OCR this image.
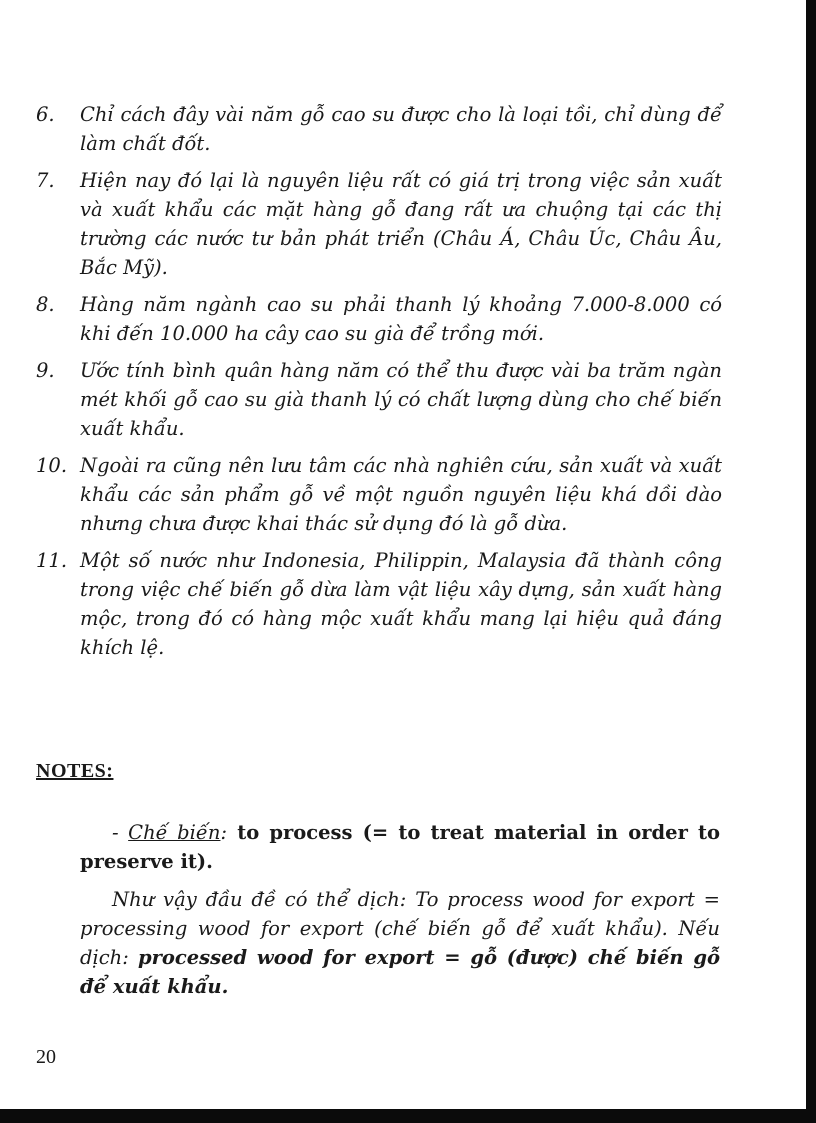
6.	Chỉ cách đây vài năm gỗ cao su được cho là loại tồi, chỉ dùng để làm chất đốt.
7.	Hiện nay đó lại là nguyên liệu rất có giá trị trong việc sản xuất và xuất khẩu các mặt hàng gỗ đang rất ưa chuộng tại các thị trường các nước tư bản phát triển (Châu Á, Châu Úc, Châu Âu, Bắc Mỹ).
8.	Hàng năm ngành cao su phải thanh lý khoảng 7.000-8.000 có khi đến 10.000 ha cây cao su già để trồng mới.
9.	Ước tính bình quân hàng năm có thể thu được vài ba trăm ngàn mét khối gỗ cao su già thanh lý có chất lượng dùng cho chế biến xuất khẩu.
10. Ngoài ra cũng nên lưu tâm các nhà nghiên cứu, sản xuất và xuất khẩu các sản phẩm gỗ về một nguồn nguyên liệu khá dồi dào nhưng chưa được khai thác sử dụng đó là gỗ dừa.
11. Một số nước như Indonesia, Philippin, Malaysia đã thành công trong việc chế biến gỗ dừa làm vật liệu xây dựng, sản xuất hàng mộc, trong đó có hàng mộc xuất khẩu mang lại hiệu quả đáng khích lệ.
NOTES:
- Chế biến: to process (= to treat material in order to preserve it).
Như vậy đầu đề có thể dịch: To process wood for export = processing wood for export (chế biến gỗ để xuất khẩu). Nếu dịch: processed wood for export = gỗ (được) chế biến gỗ để xuất khẩu.
20
